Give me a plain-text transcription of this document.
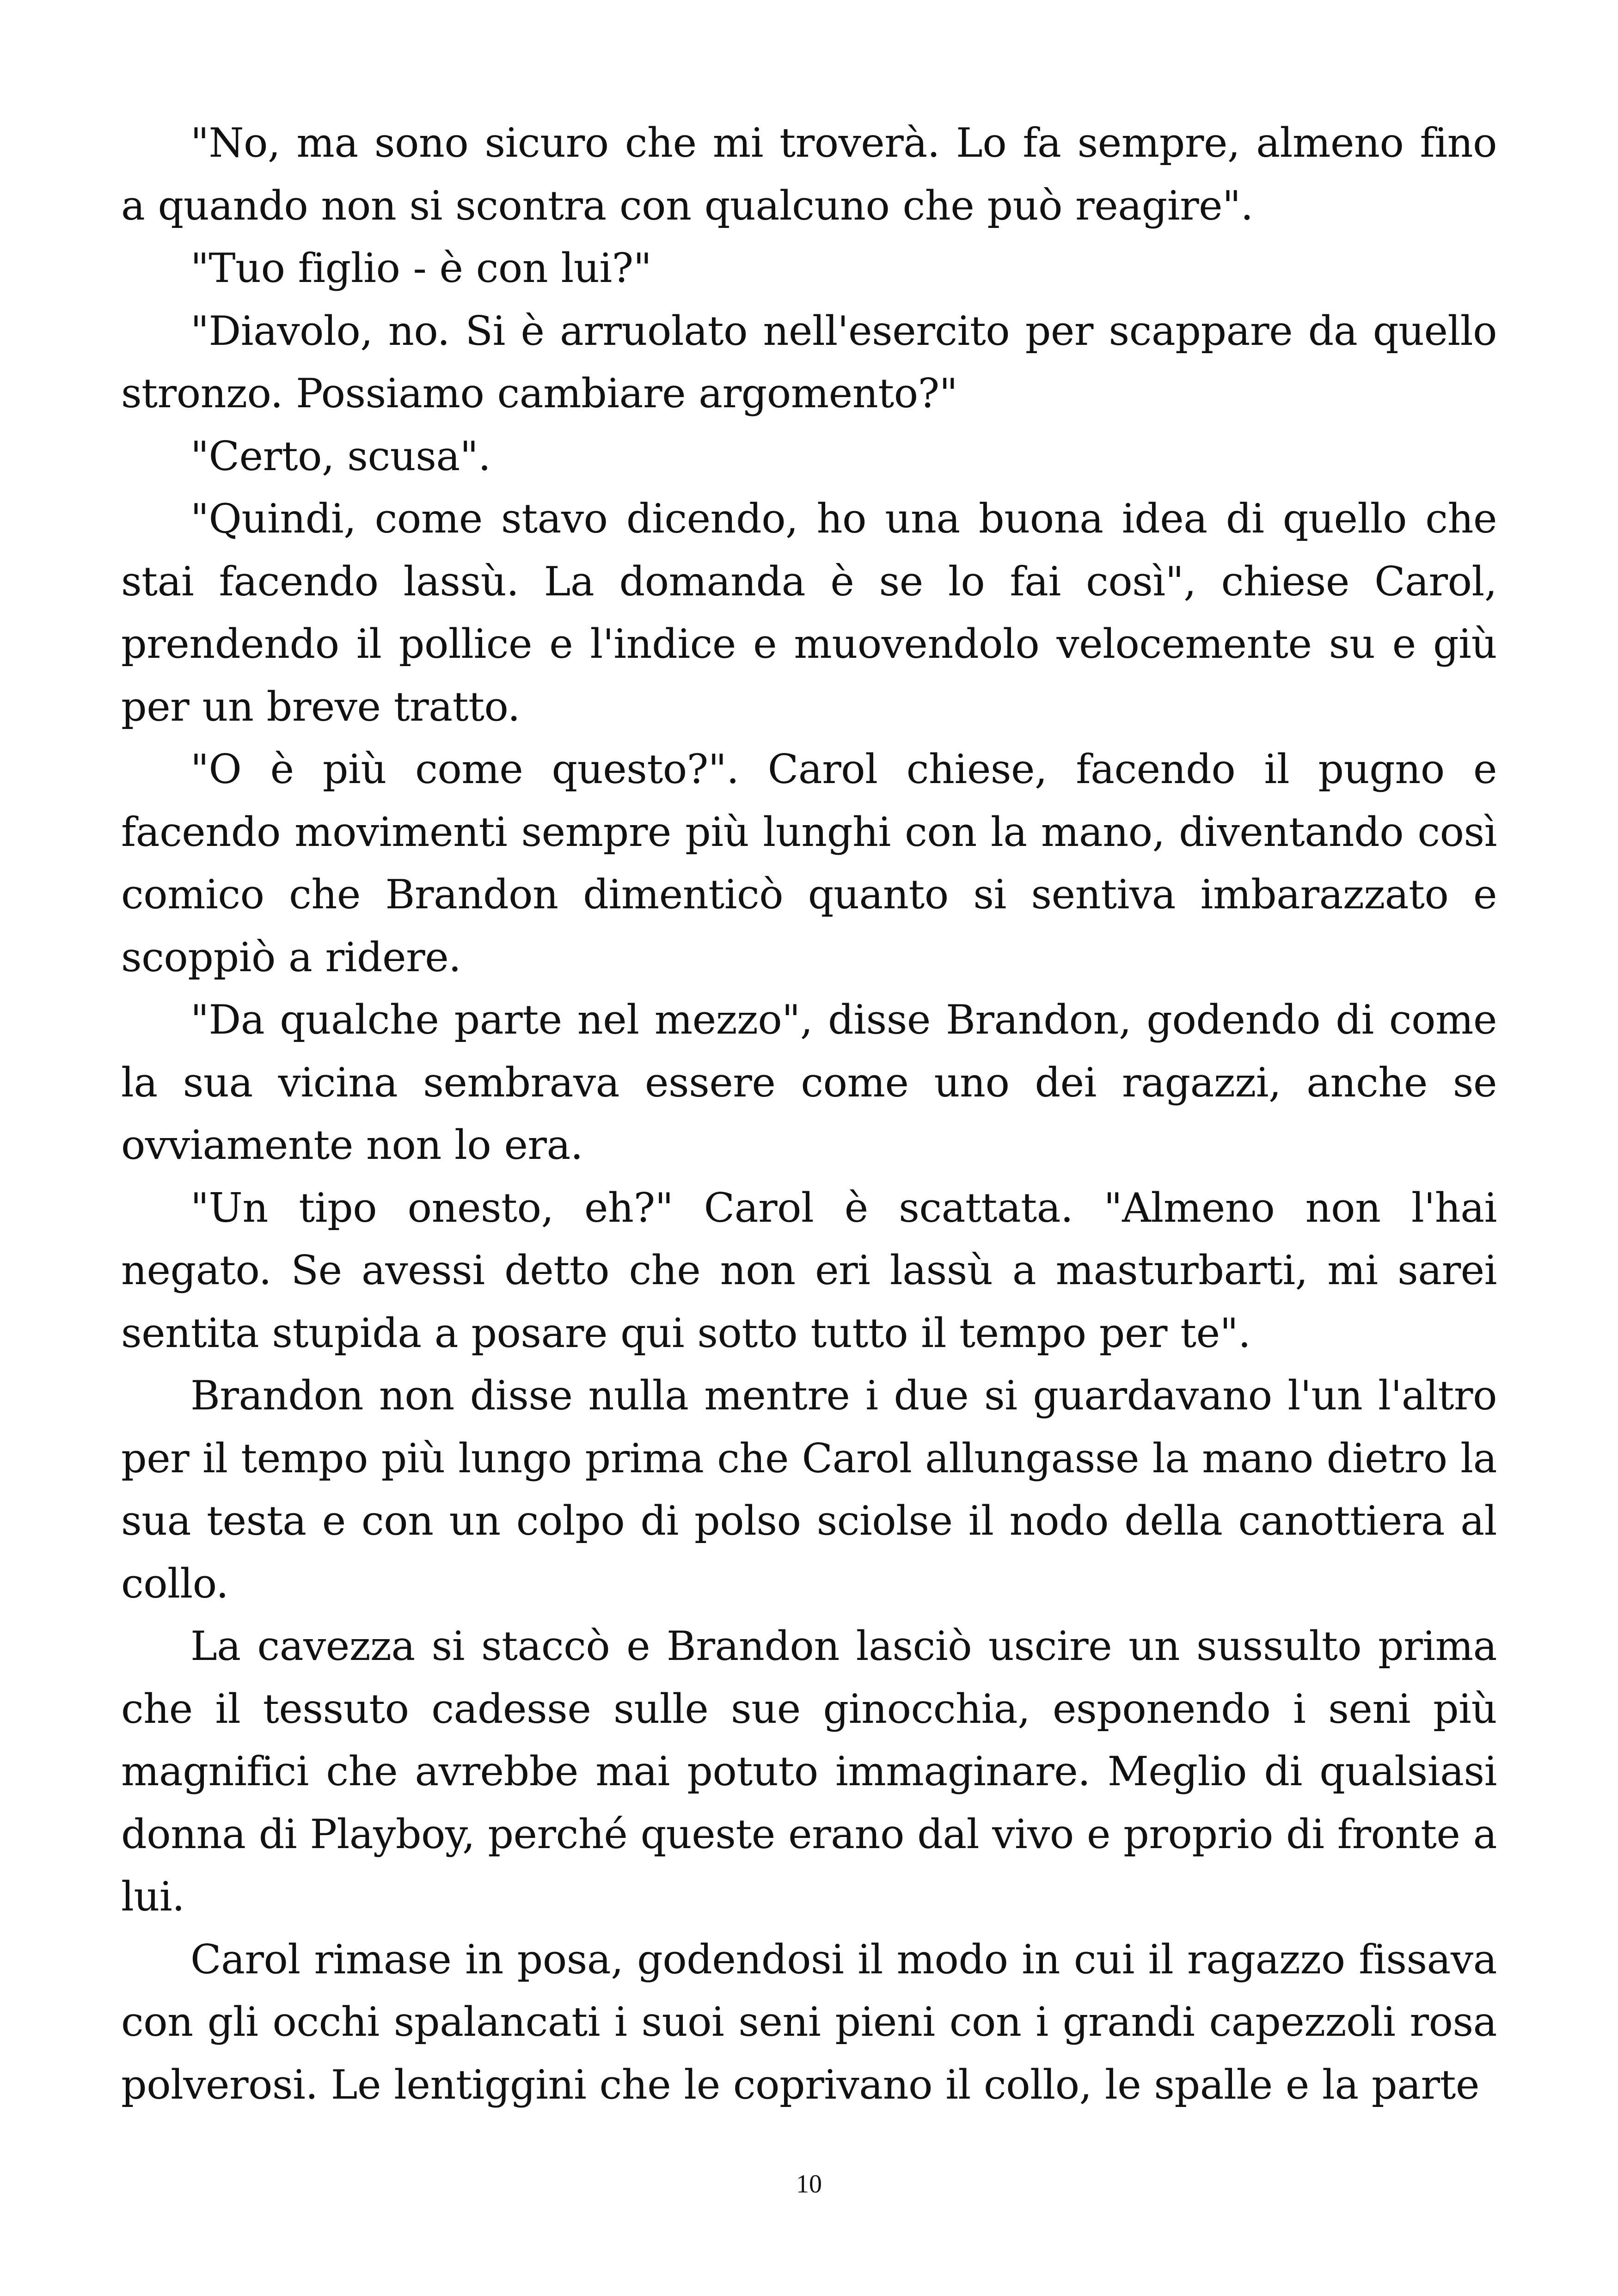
"No, ma sono sicuro che mi troverà. Lo fa sempre, almeno fino a quando non si scontra con qualcuno che può reagire".

"Tuo figlio - è con lui?"

"Diavolo, no. Si è arruolato nell'esercito per scappare da quello stronzo. Possiamo cambiare argomento?"

"Certo, scusa".

"Quindi, come stavo dicendo, ho una buona idea di quello che stai facendo lassù. La domanda è se lo fai così", chiese Carol, prendendo il pollice e l'indice e muovendolo velocemente su e giù per un breve tratto.

"O è più come questo?". Carol chiese, facendo il pugno e facendo movimenti sempre più lunghi con la mano, diventando così comico che Brandon dimenticò quanto si sentiva imbarazzato e scoppiò a ridere.

"Da qualche parte nel mezzo", disse Brandon, godendo di come la sua vicina sembrava essere come uno dei ragazzi, anche se ovviamente non lo era.

"Un tipo onesto, eh?" Carol è scattata. "Almeno non l'hai negato. Se avessi detto che non eri lassù a masturbarti, mi sarei sentita stupida a posare qui sotto tutto il tempo per te".

Brandon non disse nulla mentre i due si guardavano l'un l'altro per il tempo più lungo prima che Carol allungasse la mano dietro la sua testa e con un colpo di polso sciolse il nodo della canottiera al collo.

La cavezza si staccò e Brandon lasciò uscire un sussulto prima che il tessuto cadesse sulle sue ginocchia, esponendo i seni più magnifici che avrebbe mai potuto immaginare. Meglio di qualsiasi donna di Playboy, perché queste erano dal vivo e proprio di fronte a lui.

Carol rimase in posa, godendosi il modo in cui il ragazzo fissava con gli occhi spalancati i suoi seni pieni con i grandi capezzoli rosa polverosi. Le lentiggini che le coprivano il collo, le spalle e la parte

10
